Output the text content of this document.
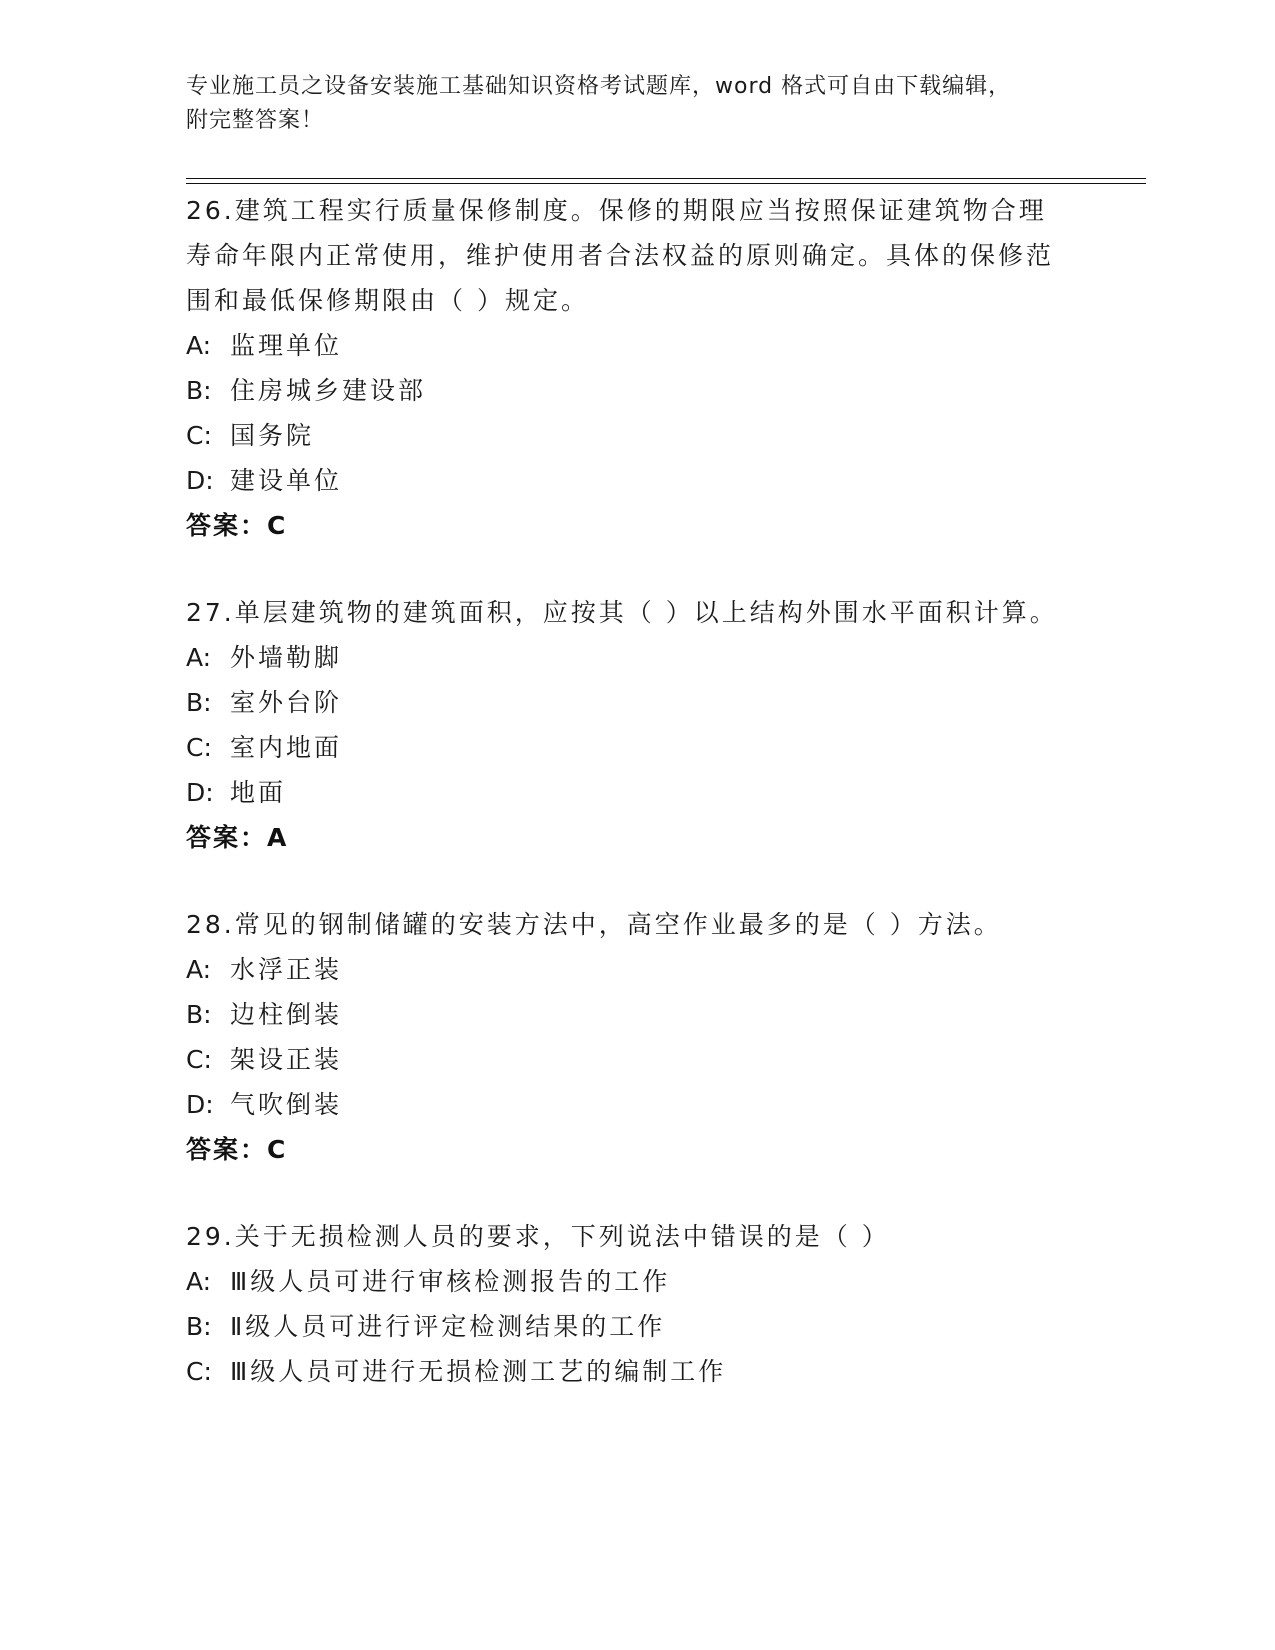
专业施工员之设备安装施工基础知识资格考试题库，word 格式可自由下载编辑，
附完整答案！
26.建筑工程实行质量保修制度。保修的期限应当按照保证建筑物合理寿命年限内正常使用，维护使用者合法权益的原则确定。具体的保修范围和最低保修期限由（ ）规定。
A: 监理单位
B: 住房城乡建设部
C: 国务院
D: 建设单位
答案：C
27.单层建筑物的建筑面积，应按其（ ）以上结构外围水平面积计算。
A: 外墙勒脚
B: 室外台阶
C: 室内地面
D: 地面
答案：A
28.常见的钢制储罐的安装方法中，高空作业最多的是（ ）方法。
A: 水浮正装
B: 边柱倒装
C: 架设正装
D: 气吹倒装
答案：C
29.关于无损检测人员的要求，下列说法中错误的是（ ）
A: Ⅲ级人员可进行审核检测报告的工作
B: Ⅱ级人员可进行评定检测结果的工作
C: Ⅲ级人员可进行无损检测工艺的编制工作
